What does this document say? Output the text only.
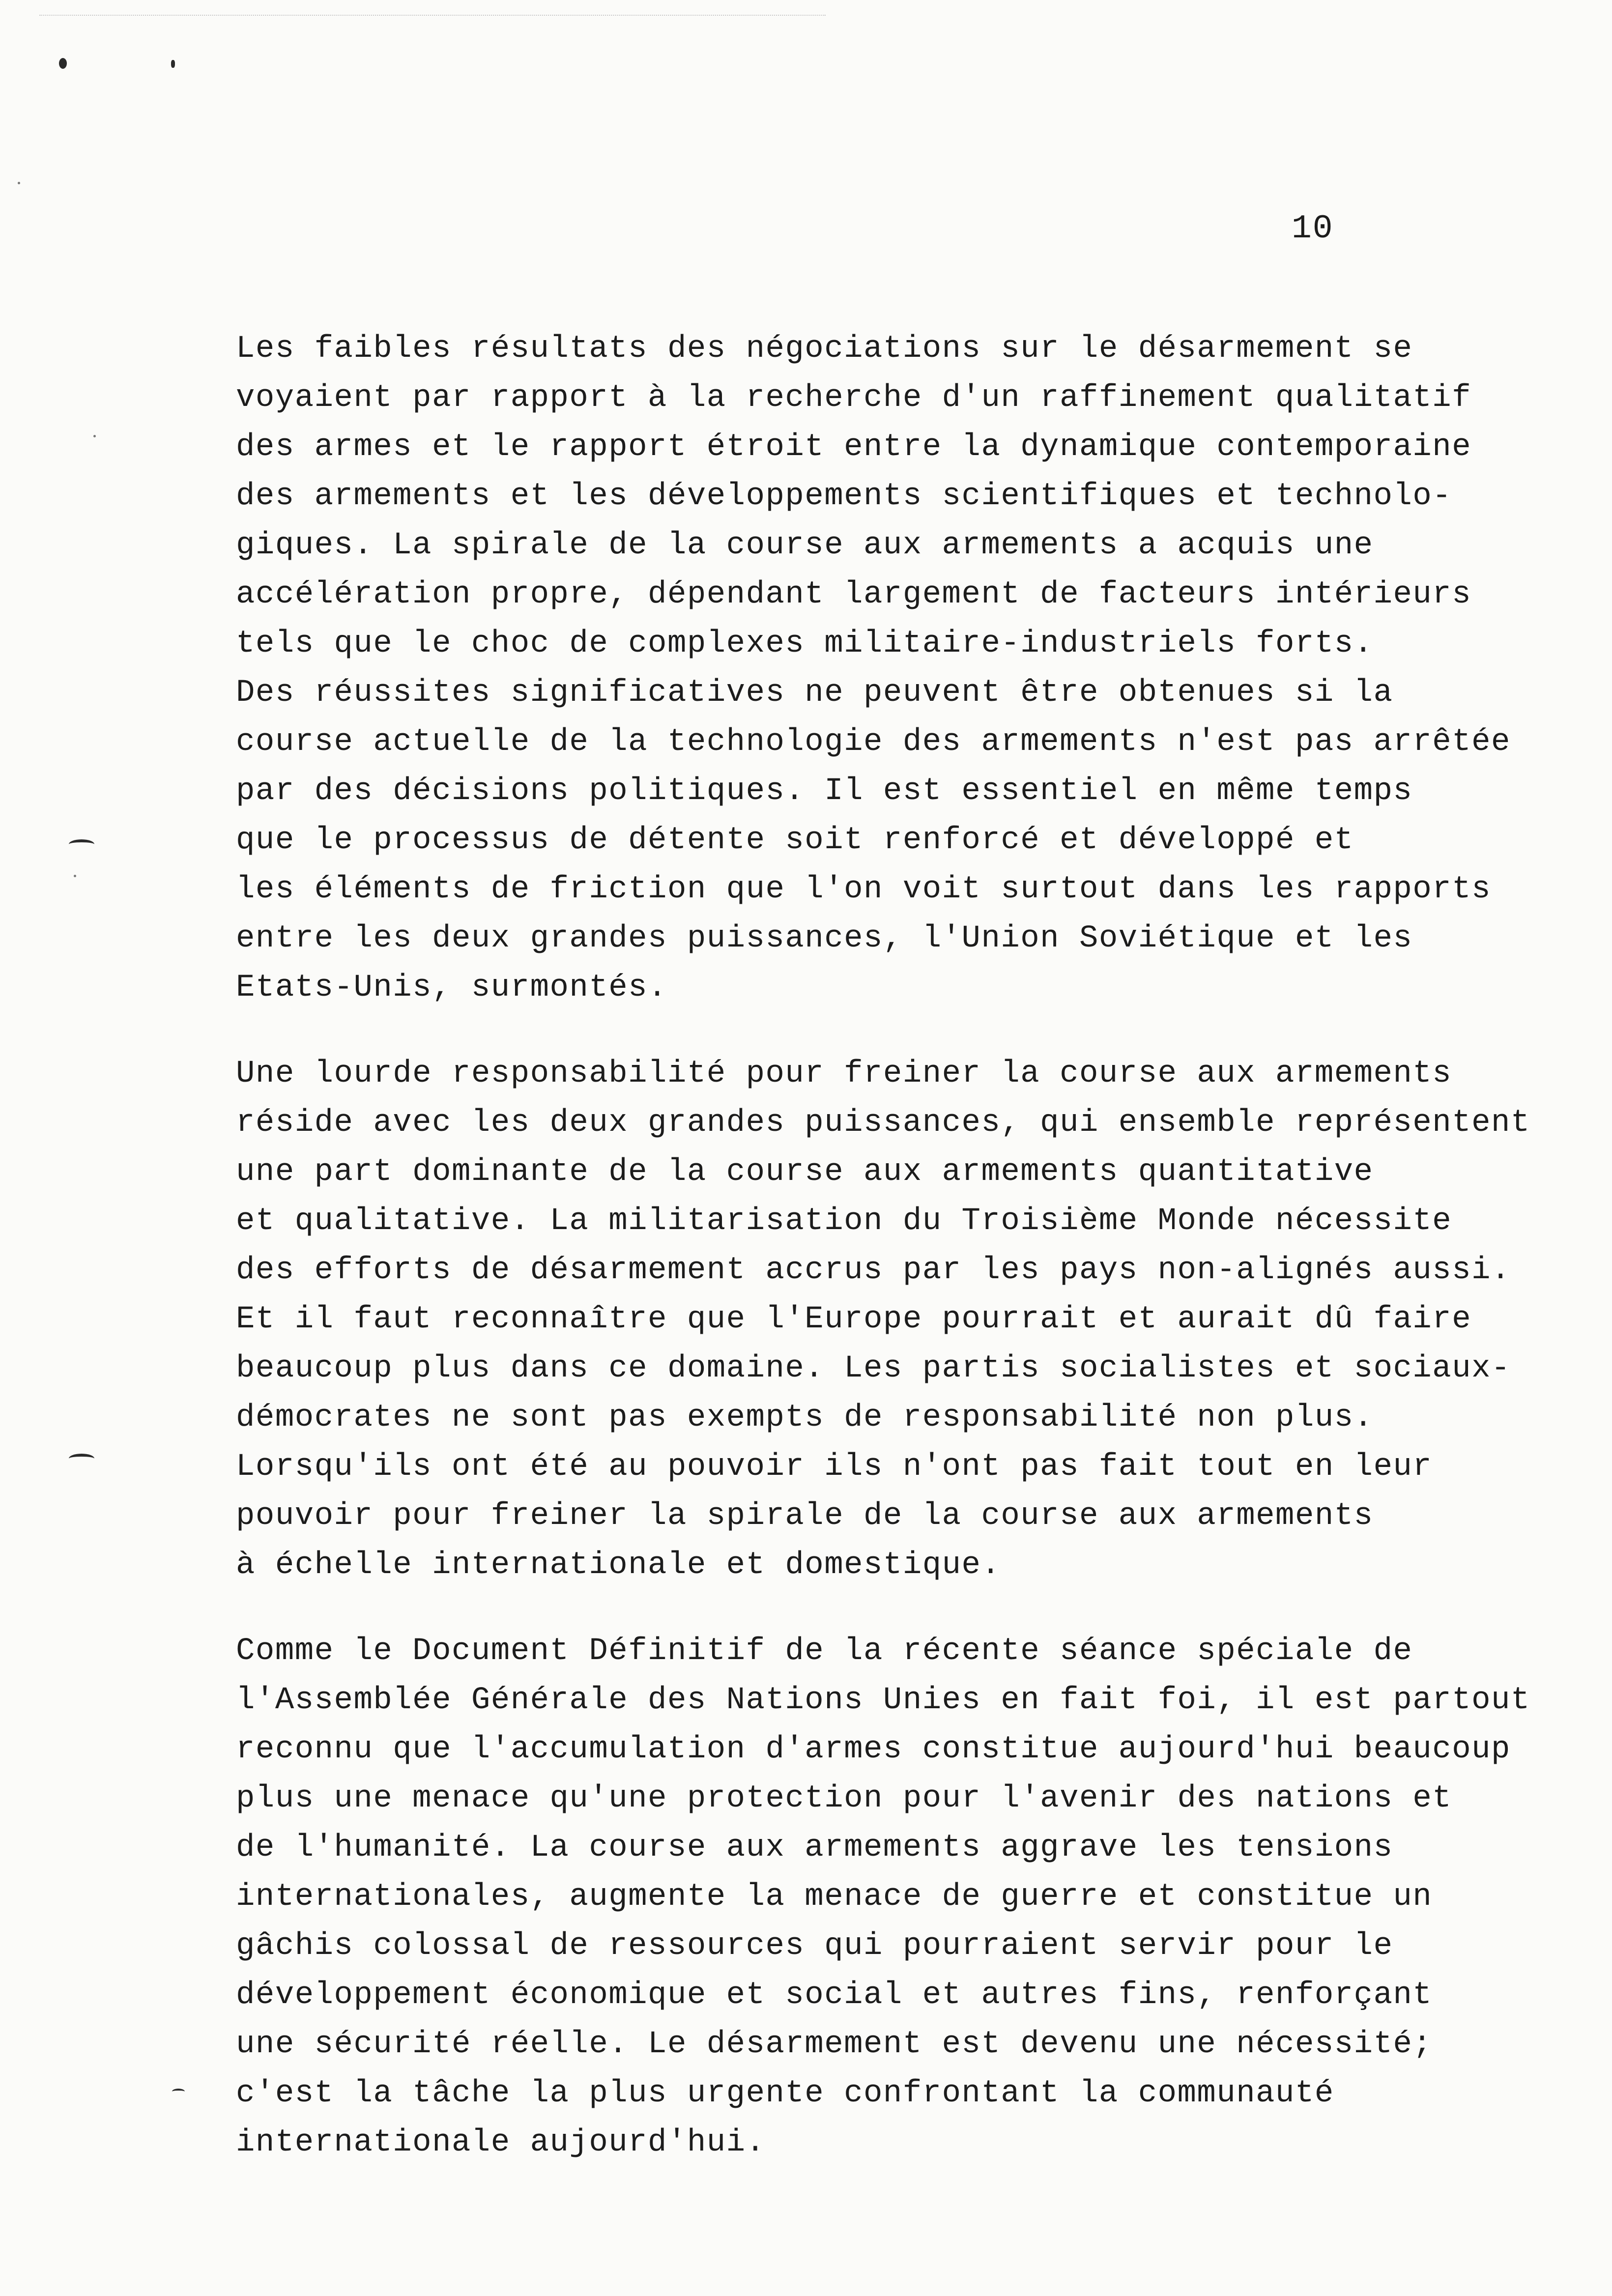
10
Les faibles résultats des négociations sur le désarmement se
voyaient par rapport à la recherche d'un raffinement qualitatif
des armes et le rapport étroit entre la dynamique contemporaine
des armements et les développements scientifiques et technolo-
giques. La spirale de la course aux armements a acquis une
accélération propre, dépendant largement de facteurs intérieurs
tels que le choc de complexes militaire-industriels forts.
Des réussites significatives ne peuvent être obtenues si la
course actuelle de la technologie des armements n'est pas arrêtée
par des décisions politiques. Il est essentiel en même temps
que le processus de détente soit renforcé et développé et
les éléments de friction que l'on voit surtout dans les rapports
entre les deux grandes puissances, l'Union Soviétique et les
Etats-Unis, surmontés.
Une lourde responsabilité pour freiner la course aux armements
réside avec les deux grandes puissances, qui ensemble représentent
une part dominante de la course aux armements quantitative
et qualitative. La militarisation du Troisième Monde nécessite
des efforts de désarmement accrus par les pays non-alignés aussi.
Et il faut reconnaître que l'Europe pourrait et aurait dû faire
beaucoup plus dans ce domaine. Les partis socialistes et sociaux-
démocrates ne sont pas exempts de responsabilité non plus.
Lorsqu'ils ont été au pouvoir ils n'ont pas fait tout en leur
pouvoir pour freiner la spirale de la course aux armements
à échelle internationale et domestique.
Comme le Document Définitif de la récente séance spéciale de
l'Assemblée Générale des Nations Unies en fait foi, il est partout
reconnu que l'accumulation d'armes constitue aujourd'hui beaucoup
plus une menace qu'une protection pour l'avenir des nations et
de l'humanité. La course aux armements aggrave les tensions
internationales, augmente la menace de guerre et constitue un
gâchis colossal de ressources qui pourraient servir pour le
développement économique et social et autres fins, renforçant
une sécurité réelle. Le désarmement est devenu une nécessité;
c'est la tâche la plus urgente confrontant la communauté
internationale aujourd'hui.
